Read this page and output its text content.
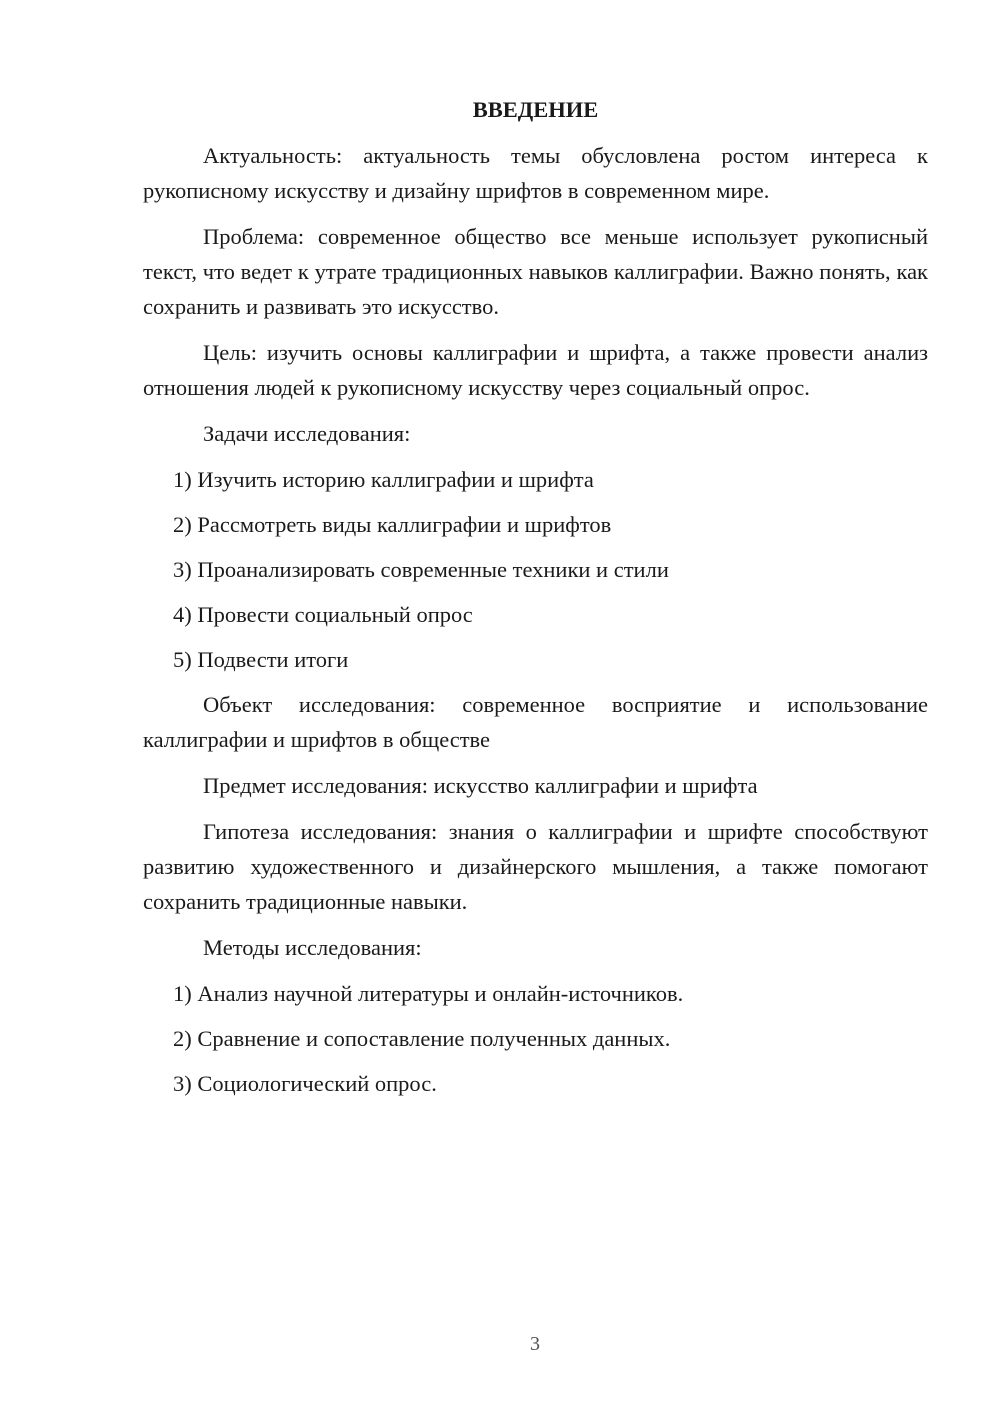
ВВЕДЕНИЕ

Актуальность: актуальность темы обусловлена ростом интереса к рукописному искусству и дизайну шрифтов в современном мире.

Проблема: современное общество все меньше использует рукописный текст, что ведет к утрате традиционных навыков каллиграфии. Важно понять, как сохранить и развивать это искусство.

Цель: изучить основы каллиграфии и шрифта, а также провести анализ отношения людей к рукописному искусству через социальный опрос.

Задачи исследования:

1) Изучить историю каллиграфии и шрифта
2) Рассмотреть виды каллиграфии и шрифтов
3) Проанализировать современные техники и стили
4) Провести социальный опрос
5) Подвести итоги

Объект исследования: современное восприятие и использование каллиграфии и шрифтов в обществе

Предмет исследования: искусство каллиграфии и шрифта

Гипотеза исследования: знания о каллиграфии и шрифте способствуют развитию художественного и дизайнерского мышления, а также помогают сохранить традиционные навыки.

Методы исследования:

1) Анализ научной литературы и онлайн-источников.
2) Сравнение и сопоставление полученных данных.
3) Социологический опрос.
3
